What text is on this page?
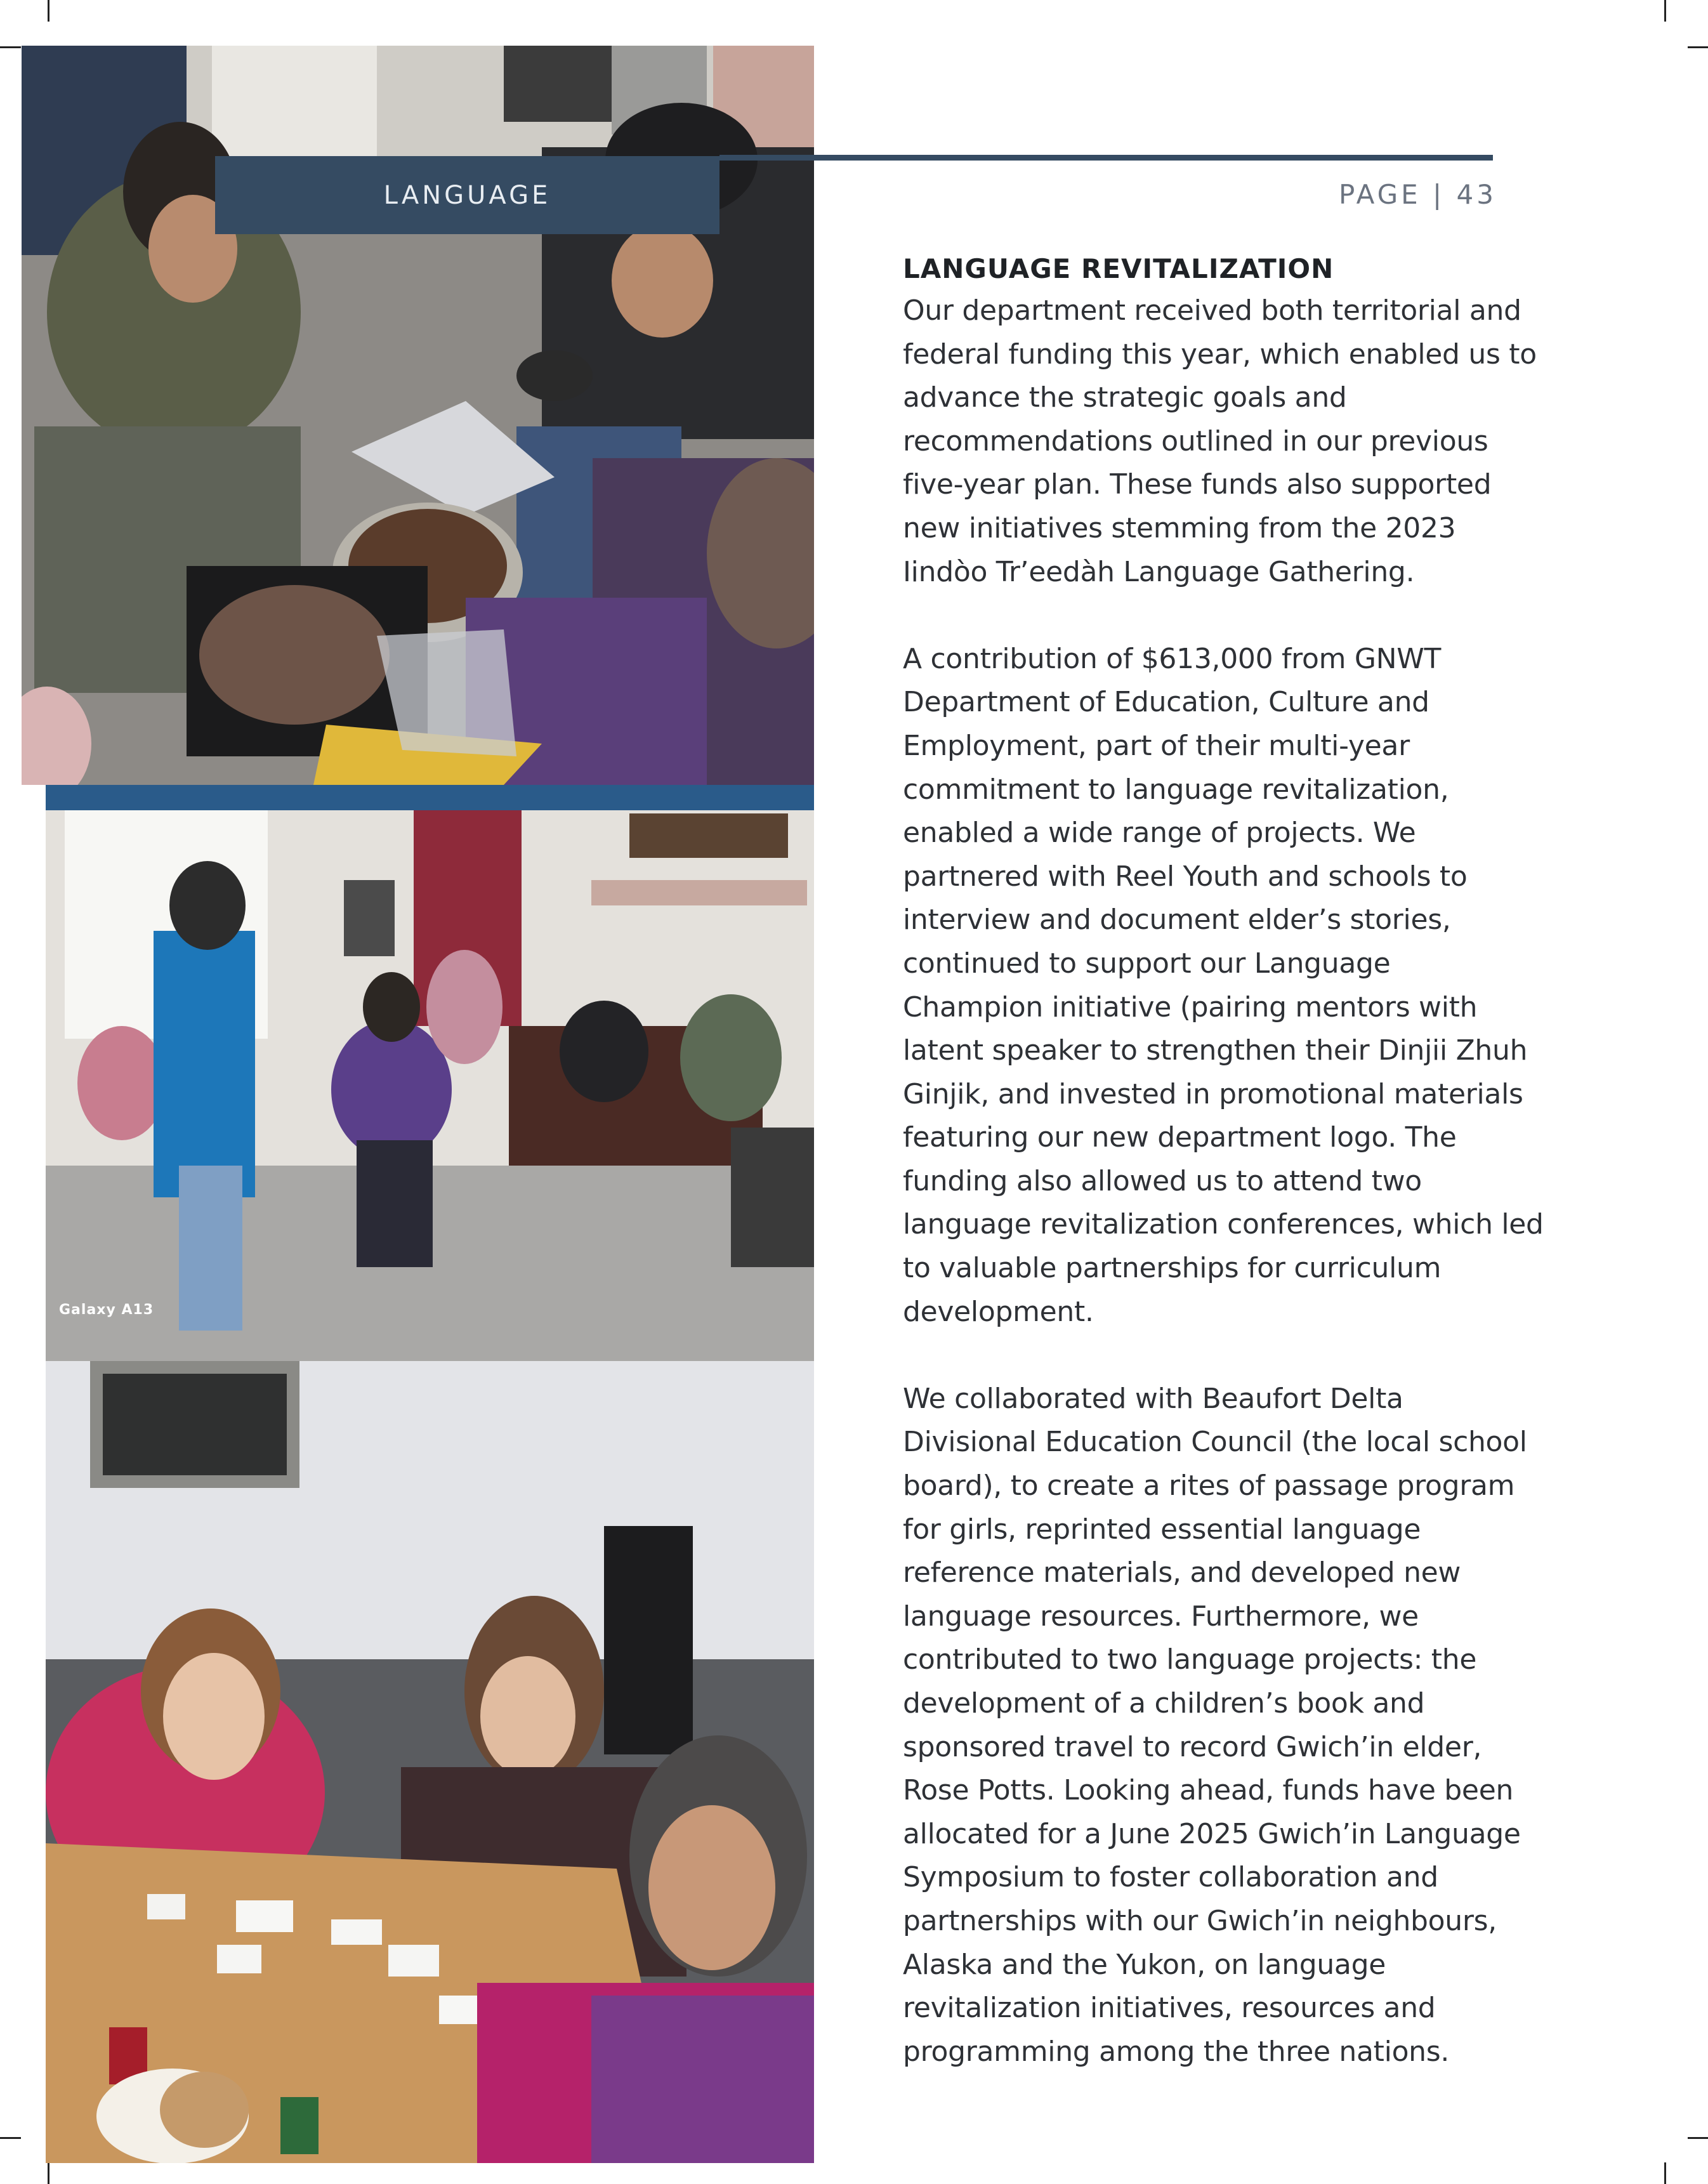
LANGUAGE	PAGE | 43
Galaxy A13
LANGUAGE REVITALIZATION

Our department received both territorial and
federal funding this year, which enabled us to
advance the strategic goals and
recommendations outlined in our previous
five-year plan. These funds also supported
new initiatives stemming from the 2023
Iindòo Tr’eedàh Language Gathering.

A contribution of $613,000 from GNWT
Department of Education, Culture and
Employment, part of their multi-year
commitment to language revitalization,
enabled a wide range of projects. We
partnered with Reel Youth and schools to
interview and document elder’s stories,
continued to support our Language
Champion initiative (pairing mentors with
latent speaker to strengthen their Dinjii Zhuh
Ginjik, and invested in promotional materials
featuring our new department logo. The
funding also allowed us to attend two
language revitalization conferences, which led
to valuable partnerships for curriculum
development.

We collaborated with Beaufort Delta
Divisional Education Council (the local school
board), to create a rites of passage program
for girls, reprinted essential language
reference materials, and developed new
language resources. Furthermore, we
contributed to two language projects: the
development of a children’s book and
sponsored travel to record Gwich’in elder,
Rose Potts. Looking ahead, funds have been
allocated for a June 2025 Gwich’in Language
Symposium to foster collaboration and
partnerships with our Gwich’in neighbours,
Alaska and the Yukon, on language
revitalization initiatives, resources and
programming among the three nations.
